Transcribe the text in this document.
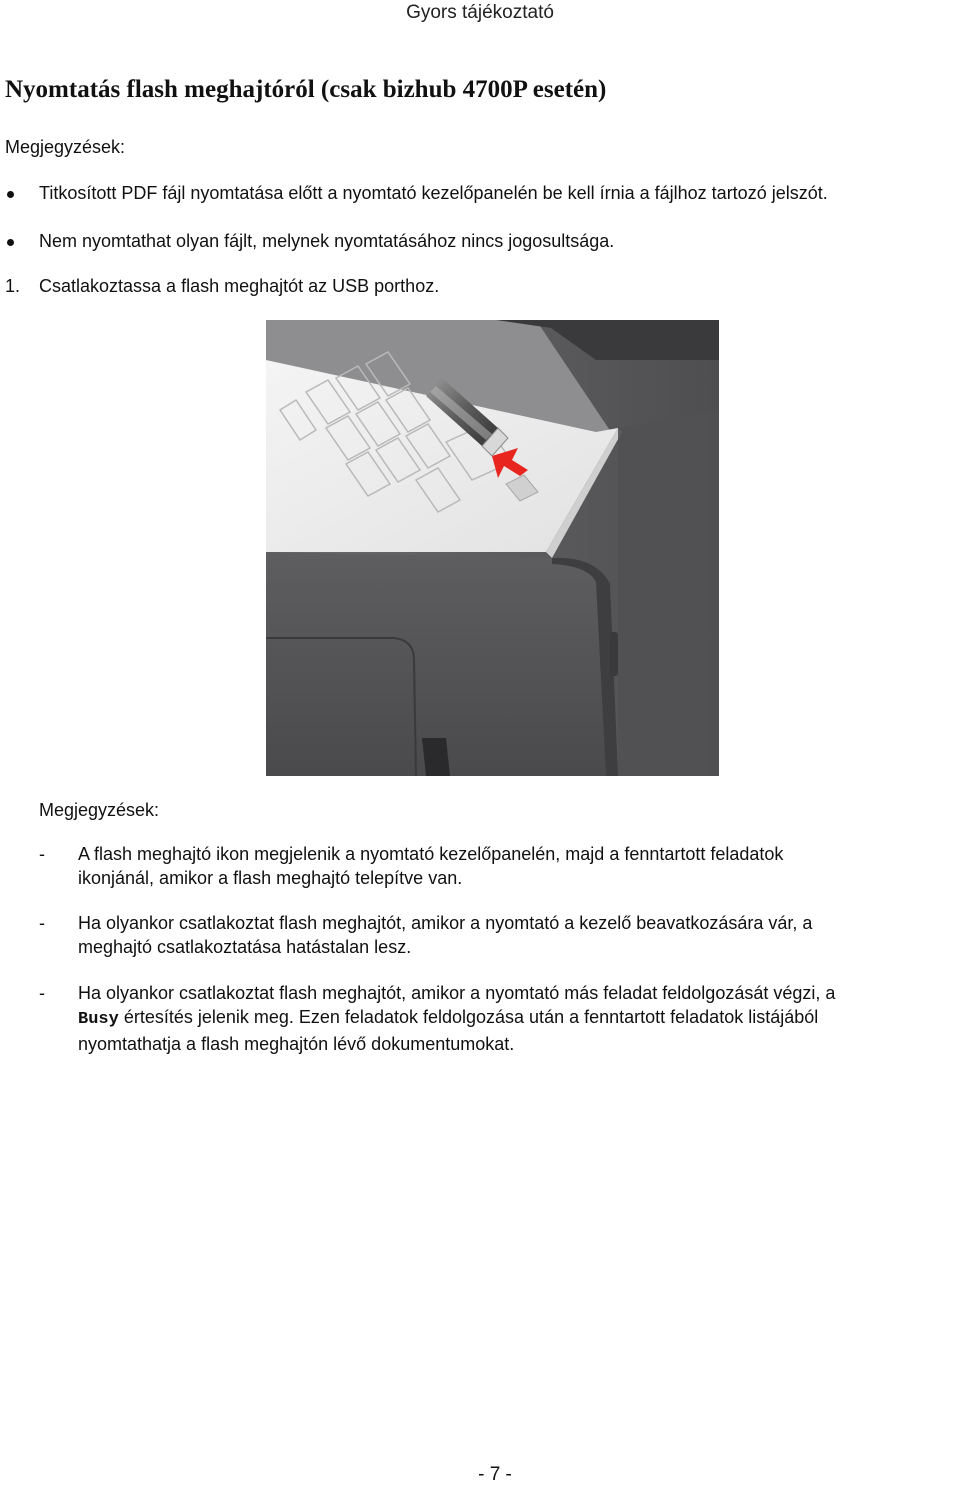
Gyors tájékoztató
Nyomtatás flash meghajtóról (csak bizhub 4700P esetén)
Megjegyzések:
Titkosított PDF fájl nyomtatása előtt a nyomtató kezelőpanelén be kell írnia a fájlhoz tartozó jelszót.
Nem nyomtathat olyan fájlt, melynek nyomtatásához nincs jogosultsága.
1. Csatlakoztassa a flash meghajtót az USB porthoz.
Megjegyzések:
- A flash meghajtó ikon megjelenik a nyomtató kezelőpanelén, majd a fenntartott feladatok
ikonjánál, amikor a flash meghajtó telepítve van.
- Ha olyankor csatlakoztat flash meghajtót, amikor a nyomtató a kezelő beavatkozására vár, a
meghajtó csatlakoztatása hatástalan lesz.
- Ha olyankor csatlakoztat flash meghajtót, amikor a nyomtató más feladat feldolgozását végzi, a
Busy értesítés jelenik meg. Ezen feladatok feldolgozása után a fenntartott feladatok listájából
nyomtathatja a flash meghajtón lévő dokumentumokat.
- 7 -
